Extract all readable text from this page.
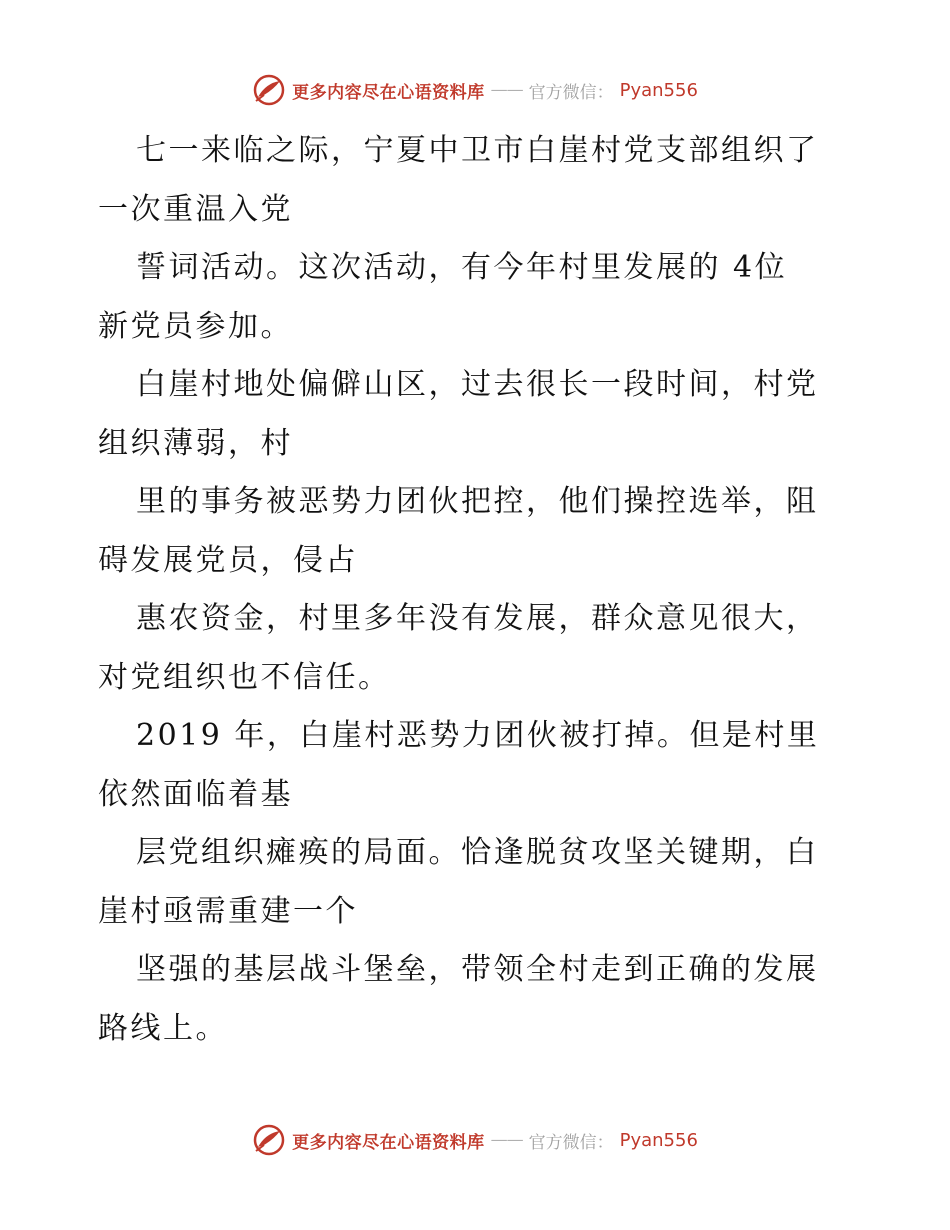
更多内容尽在心语资料库 —— 官方微信： Pyan556

七一来临之际，宁夏中卫市白崖村党支部组织了

一次重温入党

誓词活动。这次活动，有今年村里发展的 4位

新党员参加。

白崖村地处偏僻山区，过去很长一段时间，村党

组织薄弱，村

里的事务被恶势力团伙把控，他们操控选举，阻

碍发展党员，侵占

惠农资金，村里多年没有发展，群众意见很大，

对党组织也不信任。

2019 年，白崖村恶势力团伙被打掉。但是村里

依然面临着基

层党组织瘫痪的局面。恰逢脱贫攻坚关键期，白

崖村亟需重建一个

坚强的基层战斗堡垒，带领全村走到正确的发展

路线上。

更多内容尽在心语资料库 —— 官方微信： Pyan556
